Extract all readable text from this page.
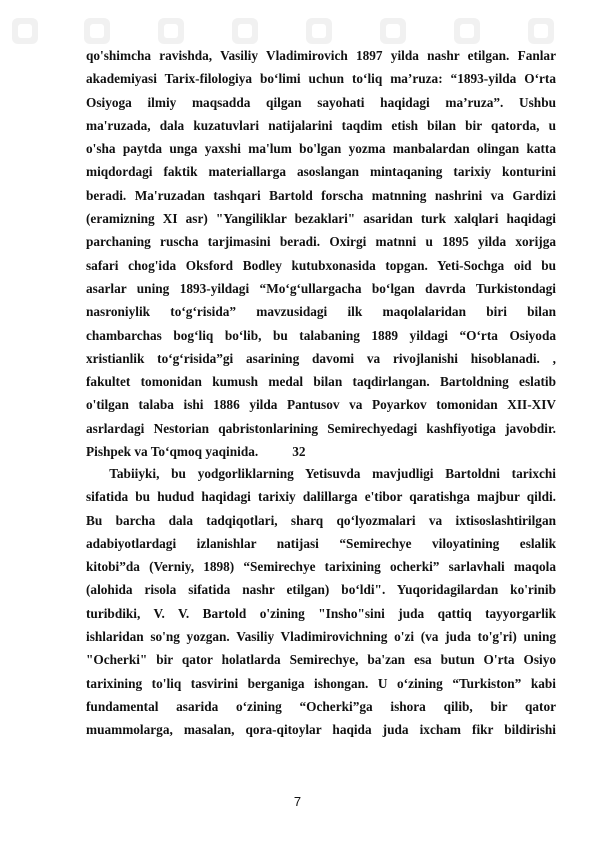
qo'shimcha ravishda, Vasiliy Vladimirovich 1897 yilda nashr etilgan. Fanlar
akademiyasi Tarix-filologiya bo‘limi uchun to‘liq ma’ruza: “1893-yilda O‘rta
Osiyoga ilmiy maqsadda qilgan sayohati haqidagi ma’ruza”. Ushbu
ma'ruzada, dala kuzatuvlari natijalarini taqdim etish bilan bir qatorda, u
o'sha paytda unga yaxshi ma'lum bo'lgan yozma manbalardan olingan katta
miqdordagi faktik materiallarga asoslangan mintaqaning tarixiy konturini
beradi. Ma'ruzadan tashqari Bartold forscha matnning nashrini va Gardizi
(eramizning XI asr) "Yangiliklar bezaklari" asaridan turk xalqlari haqidagi
parchaning ruscha tarjimasini beradi. Oxirgi matnni u 1895 yilda xorijga
safari chog'ida Oksford Bodley kutubxonasida topgan. Yeti-Sochga oid bu
asarlar uning 1893-yildagi “Mo‘g‘ullargacha bo‘lgan davrda Turkistondagi
nasroniylik to‘g‘risida” mavzusidagi ilk maqolalaridan biri bilan
chambarchas bog‘liq bo‘lib, bu talabaning 1889 yildagi “O‘rta Osiyoda
xristianlik to‘g‘risida”gi asarining davomi va rivojlanishi hisoblanadi. ,
fakultet tomonidan kumush medal bilan taqdirlangan. Bartoldning eslatib
o'tilgan talaba ishi 1886 yilda Pantusov va Poyarkov tomonidan XII-XIV
asrlardagi Nestorian qabristonlarining Semirechyedagi kashfiyotiga javobdir.
Pishpek va To‘qmoq yaqinida.	32
Tabiiyki, bu yodgorliklarning Yetisuvda mavjudligi Bartoldni tarixchi
sifatida bu hudud haqidagi tarixiy dalillarga e'tibor qaratishga majbur qildi.
Bu barcha dala tadqiqotlari, sharq qo‘lyozmalari va ixtisoslashtirilgan
adabiyotlardagi izlanishlar natijasi “Semirechye viloyatining eslalik
kitobi”da (Verniy, 1898) “Semirechye tarixining ocherki” sarlavhali maqola
(alohida risola sifatida nashr etilgan) bo‘ldi". Yuqoridagilardan ko'rinib
turibdiki, V. V. Bartold o'zining "Insho"sini juda qattiq tayyorgarlik
ishlaridan so'ng yozgan. Vasiliy Vladimirovichning o'zi (va juda to'g'ri) uning
"Ocherki" bir qator holatlarda Semirechye, ba'zan esa butun O'rta Osiyo
tarixining to'liq tasvirini berganiga ishongan. U o‘zining “Turkiston” kabi
fundamental asarida o‘zining “Ocherki”ga ishora qilib, bir qator
muammolarga, masalan, qora-qitoylar haqida juda ixcham fikr bildirishi
7
